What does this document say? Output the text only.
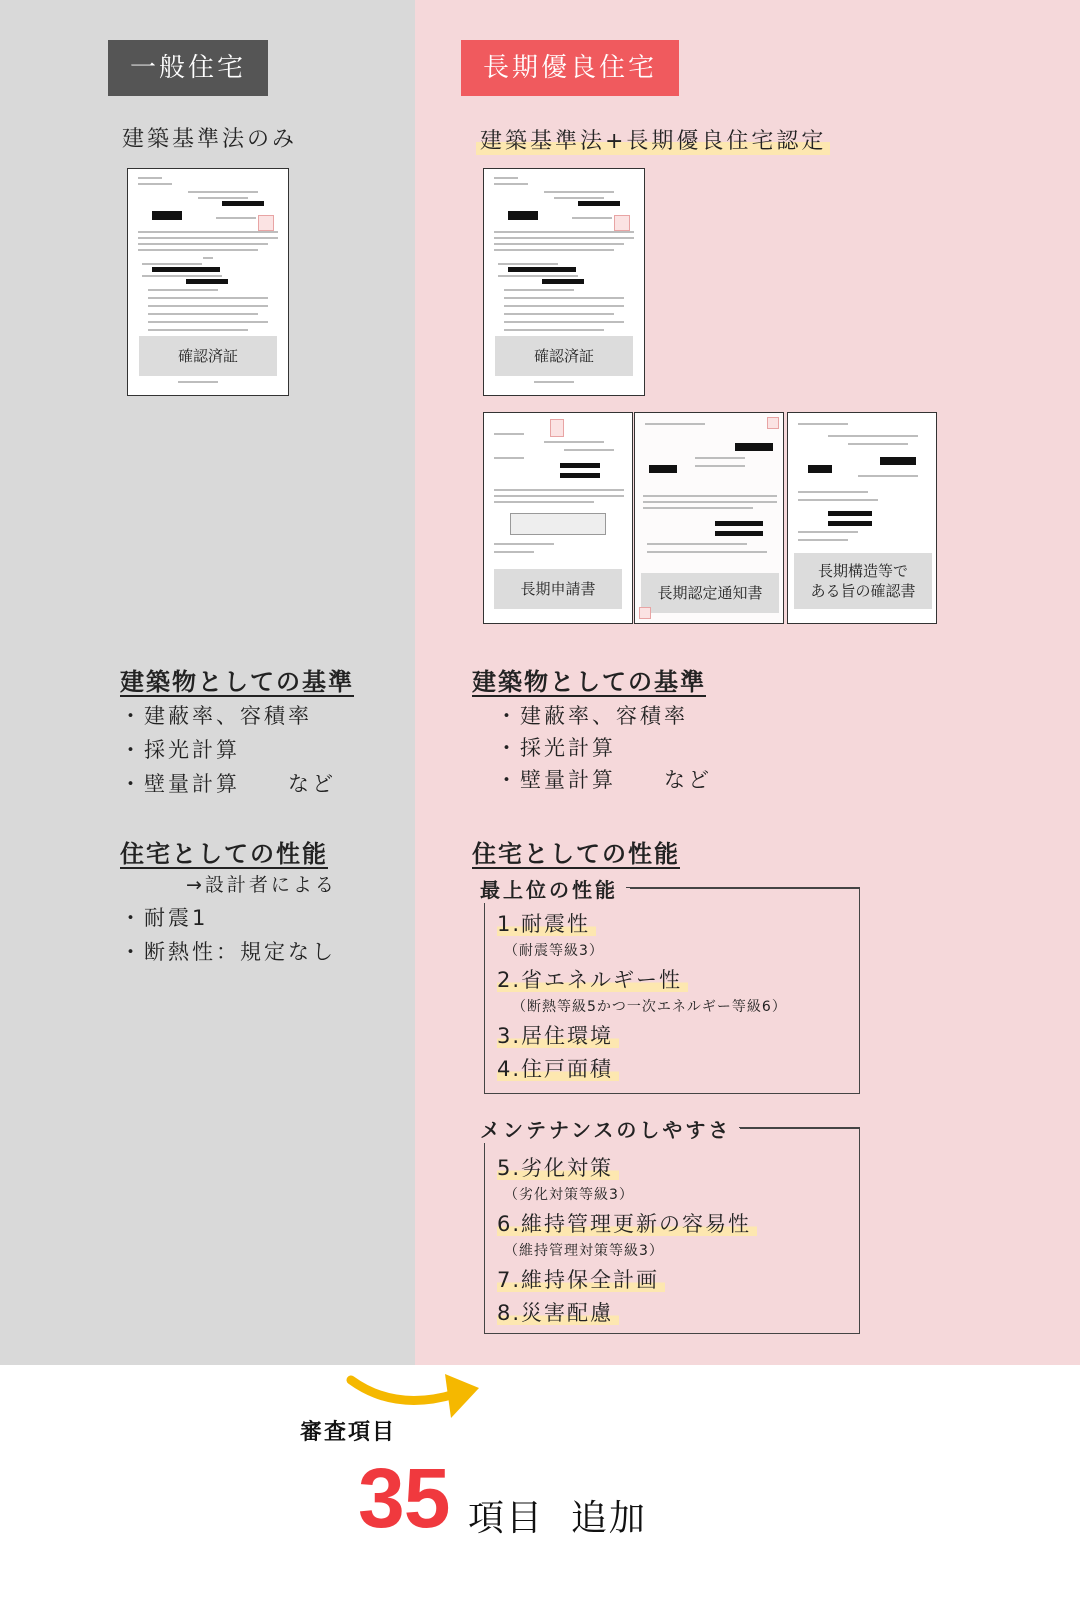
一般住宅
建築基準法のみ
確認済証
建築物としての基準
・建蔽率、容積率
・採光計算
・壁量計算　　など
住宅としての性能
→設計者による
・耐震1
・断熱性：規定なし
長期優良住宅
建築基準法+長期優良住宅認定
確認済証
長期申請書	長期認定通知書
長期構造等で
ある旨の確認書
建築物としての基準
・建蔽率、容積率
・採光計算
・壁量計算　　など
住宅としての性能
最上位の性能
1.耐震性
（耐震等級3）
2.省エネルギー性
（断熱等級5かつ一次エネルギー等級6）
3.居住環境
4.住戸面積
メンテナンスのしやすさ
5.劣化対策
（劣化対策等級3）
6.維持管理更新の容易性
（維持管理対策等級3）
7.維持保全計画
8.災害配慮
審査項目
35 項目  追加
